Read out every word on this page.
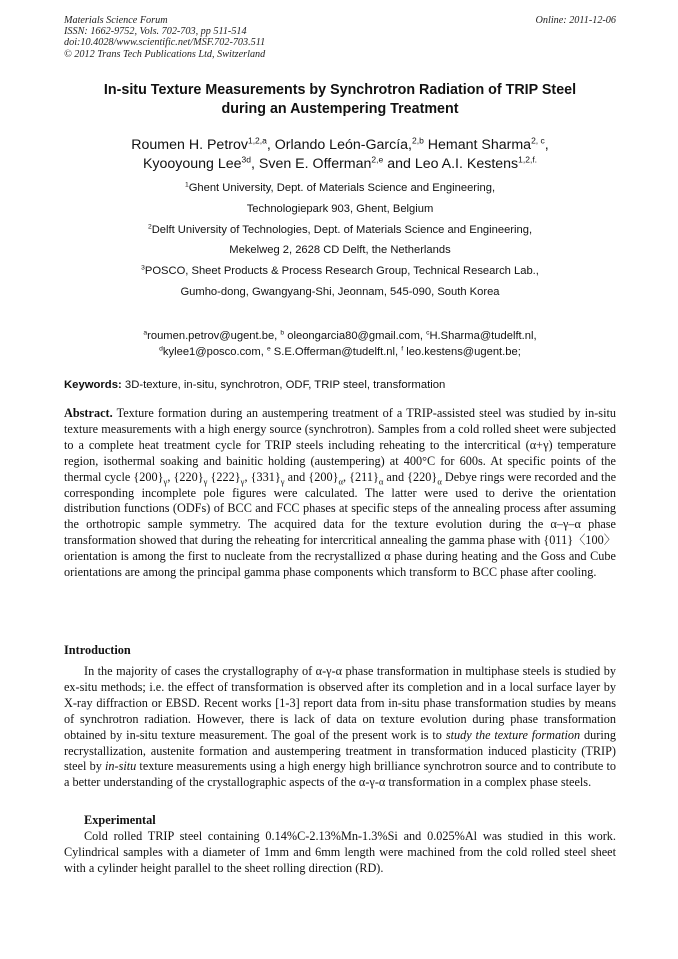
Materials Science Forum
ISSN: 1662-9752, Vols. 702-703, pp 511-514
doi:10.4028/www.scientific.net/MSF.702-703.511
© 2012 Trans Tech Publications Ltd, Switzerland
Online: 2011-12-06
In-situ Texture Measurements by Synchrotron Radiation of TRIP Steel
during an Austempering Treatment
Roumen H. Petrov$^{1,2,a}$, Orlando León-García,$^{2,b}$ Hemant Sharma$^{2, c}$,
Kyooyoung Lee$^{3d}$, Sven E. Offerman$^{2,e}$ and Leo A.I. Kestens$^{1,2,f.}$
$^1$Ghent University, Dept. of Materials Science and Engineering,
Technologiepark 903, Ghent, Belgium
$^2$Delft University of Technologies, Dept. of Materials Science and Engineering,
Mekelweg 2, 2628 CD Delft, the Netherlands
$^3$POSCO, Sheet Products & Process Research Group, Technical Research Lab.,
Gumho-dong, Gwangyang-Shi, Jeonnam, 545-090, South Korea
$^a$roumen.petrov@ugent.be, $^b$ oleongarcia80@gmail.com, $^c$H.Sharma@tudelft.nl,
$^d$kylee1@posco.com, $^e$ S.E.Offerman@tudelft.nl, $^f$ leo.kestens@ugent.be;
Keywords: 3D-texture, in-situ, synchrotron, ODF, TRIP steel, transformation
Abstract. Texture formation during an austempering treatment of a TRIP-assisted steel was studied by in-situ texture measurements with a high energy source (synchrotron). Samples from a cold rolled sheet were subjected to a complete heat treatment cycle for TRIP steels including reheating to the intercritical (α+γ) temperature region, isothermal soaking and bainitic holding (austempering) at 400°C for 600s. At specific points of the thermal cycle $\{200\}_\gamma$, $\{220\}_\gamma$ $\{222\}_\gamma$, $\{331\}_\gamma$ and $\{200\}_\alpha$, $\{211\}_\alpha$ and $\{220\}_\alpha$ Debye rings were recorded and the corresponding incomplete pole figures were calculated. The latter were used to derive the orientation distribution functions (ODFs) of BCC and FCC phases at specific steps of the annealing process after assuming the orthotropic sample symmetry. The acquired data for the texture evolution during the α–γ–α phase transformation showed that during the reheating for intercritical annealing the gamma phase with {011}〈100〉 orientation is among the first to nucleate from the recrystallized α phase during heating and the Goss and Cube orientations are among the principal gamma phase components which transform to BCC phase after cooling.
Introduction
In the majority of cases the crystallography of α-γ-α phase transformation in multiphase steels is studied by ex-situ methods; i.e. the effect of transformation is observed after its completion and in a local surface layer by X-ray diffraction or EBSD. Recent works [1-3] report data from in-situ phase transformation studies by means of synchrotron radiation. However, there is lack of data on texture evolution during phase transformation obtained by in-situ texture measurement. The goal of the present work is to study the texture formation during recrystallization, austenite formation and austempering treatment in transformation induced plasticity (TRIP) steel by in-situ texture measurements using a high energy high brilliance synchrotron source and to contribute to a better understanding of the crystallographic aspects of the α-γ-α transformation in a complex phase steels.
Experimental
Cold rolled TRIP steel containing 0.14%C-2.13%Mn-1.3%Si and 0.025%Al was studied in this work. Cylindrical samples with a diameter of 1mm and 6mm length were machined from the cold rolled steel sheet with a cylinder height parallel to the sheet rolling direction (RD).
